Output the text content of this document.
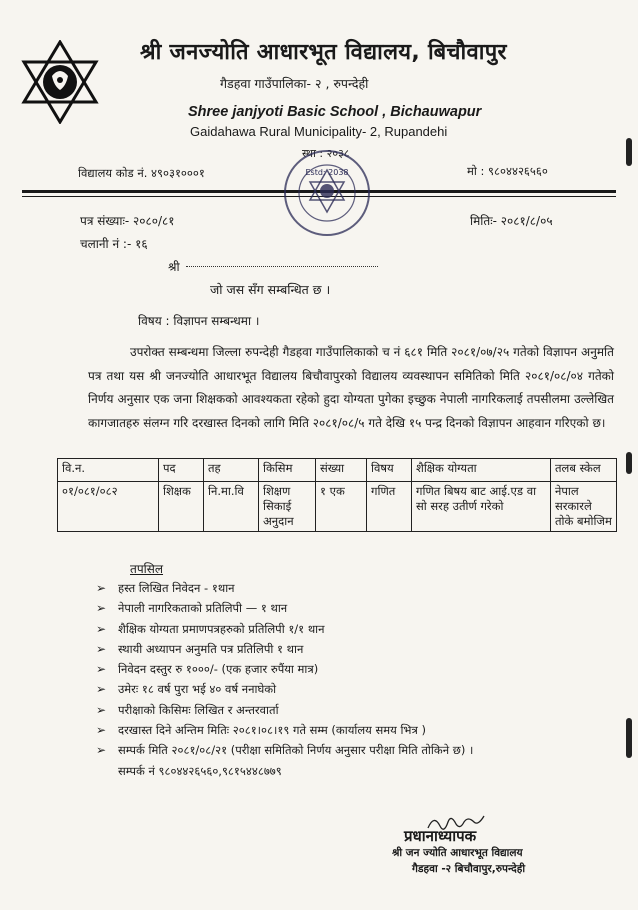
श्री जनज्योति आधारभूत विद्यालय, बिचौवापुर
गैडहवा गाउँपालिका- २ , रुपन्देही
Shree janjyoti Basic School , Bichauwapur
Gaidahawa Rural Municipality- 2, Rupandehi
स्था : २०३८
विद्यालय कोड नं. ४९०३१०००१	मो : ९८०४४२६५६०
Estd: 2038
पत्र संख्याः- २०८०/८१	मितिः- २०८१/८/०५
चलानी नं :- १६
श्री
जो जस सँग सम्बन्धित छ ।
विषय : विज्ञापन सम्बन्धमा ।
उपरोक्त सम्बन्धमा जिल्ला रुपन्देही गैडहवा गाउँपालिकाको च नं ६८१ मिति २०८१/०७/२५ गतेको विज्ञापन अनुमति पत्र तथा यस श्री जनज्योति आधारभूत विद्यालय बिचौवापुरको विद्यालय व्यवस्थापन समितिको मिति २०८१/०८/०४ गतेको निर्णय अनुसार एक जना शिक्षकको आवश्यकता रहेको हुदा योग्यता पुगेका इच्छुक नेपाली नागरिकलाई तपसीलमा उल्लेखित कागजातहरु संलग्न गरि दरखास्त दिनको लागि मिति २०८१/०८/५ गते देखि १५ पन्द्र दिनको विज्ञापन आहवान गरिएको छ।
वि.न.	पद	तह	किसिम	संख्या	विषय	शैक्षिक योग्यता	तलब स्केल
०१/०८१/०८२	शिक्षक	नि.मा.वि	शिक्षण सिकाई अनुदान	१ एक	गणित	गणित बिषय बाट आई.एड वा सो सरह उतीर्ण गरेको	नेपाल सरकारले तोके बमोजिम
तपसिल
➢ हस्त लिखित निवेदन - १थान
➢ नेपाली नागरिकताको प्रतिलिपी — १ थान
➢ शैक्षिक योग्यता प्रमाणपत्रहरुको प्रतिलिपी १/१ थान
➢ स्थायी अध्यापन अनुमति पत्र प्रतिलिपी १ थान
➢ निवेदन दस्तुर रु १०००/- (एक हजार रुपैंया मात्र)
➢ उमेरः १८ वर्ष पुरा भई ४० वर्ष ननाघेको
➢ परीक्षाको किसिमः लिखित र अन्तरवार्ता
➢ दरखास्त दिने अन्तिम मितिः २०८१।०८।१९ गते सम्म (कार्यालय समय भित्र )
➢ सम्पर्क मिति २०८१/०८/२१ (परीक्षा समितिको निर्णय अनुसार परीक्षा मिति तोकिने छ) ।
सम्पर्क नं ९८०४४२६५६०,९८१५४४८७७९
प्रधानाध्यापक
श्री जन ज्योति आधारभूत विद्यालय
गैडहवा -२ बिचौवापुर,रुपन्देही
